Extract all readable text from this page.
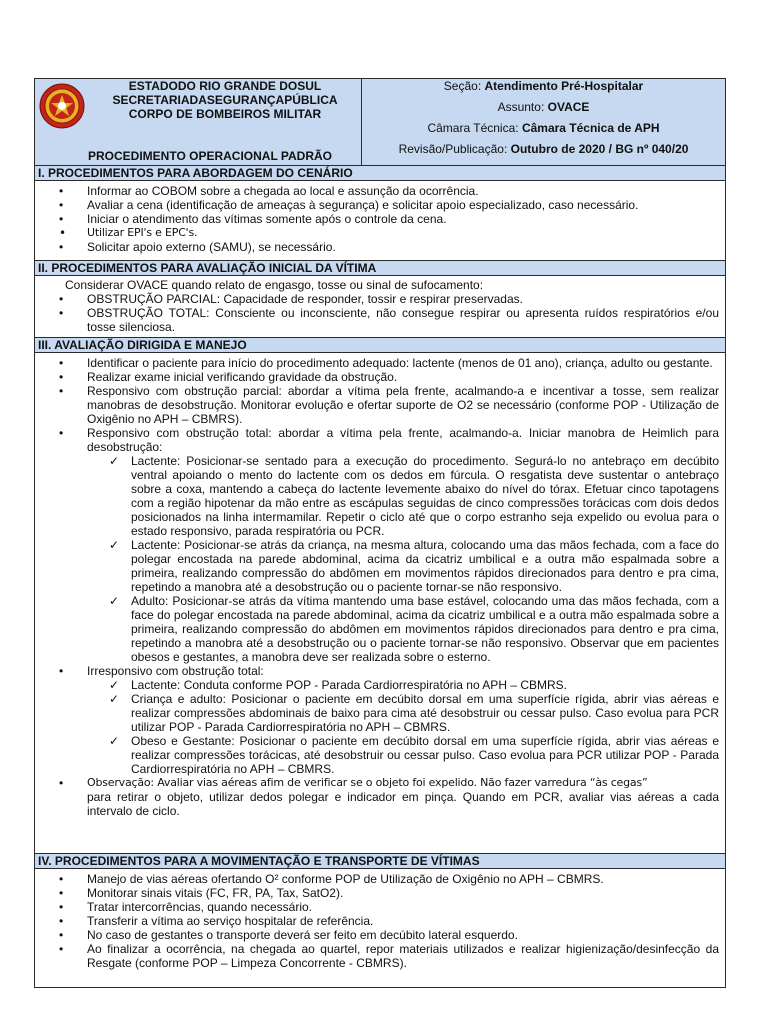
ESTADODO RIO GRANDE DOSUL
SECRETARIADASEGURANÇAPÚBLICA
CORPO DE BOMBEIROS MILITAR
PROCEDIMENTO OPERACIONAL PADRÃO
Seção: Atendimento Pré-Hospitalar
Assunto: OVACE
Câmara Técnica: Câmara Técnica de APH
Revisão/Publicação: Outubro de 2020 / BG nº 040/20
I. PROCEDIMENTOS PARA ABORDAGEM DO CENÁRIO
• Informar ao COBOM sobre a chegada ao local e assunção da ocorrência.
• Avaliar a cena (identificação de ameaças à segurança) e solicitar apoio especializado, caso necessário.
• Iniciar o atendimento das vítimas somente após o controle da cena.
• Utilizar EPI's e EPC's.
• Solicitar apoio externo (SAMU), se necessário.
II. PROCEDIMENTOS PARA AVALIAÇÃO INICIAL DA VÍTIMA
Considerar OVACE quando relato de engasgo, tosse ou sinal de sufocamento:
• OBSTRUÇÃO PARCIAL: Capacidade de responder, tossir e respirar preservadas.
• OBSTRUÇÃO TOTAL: Consciente ou inconsciente, não consegue respirar ou apresenta ruídos respiratórios e/ou tosse silenciosa.
III. AVALIAÇÃO DIRIGIDA E MANEJO
• Identificar o paciente para início do procedimento adequado: lactente (menos de 01 ano), criança, adulto ou gestante.
• Realizar exame inicial verificando gravidade da obstrução.
• Responsivo com obstrução parcial: abordar a vítima pela frente, acalmando-a e incentivar a tosse, sem realizar manobras de desobstrução. Monitorar evolução e ofertar suporte de O2 se necessário (conforme POP - Utilização de Oxigênio no APH – CBMRS).
• Responsivo com obstrução total: abordar a vítima pela frente, acalmando-a. Iniciar manobra de Heimlich para desobstrução:
✓ Lactente: Posicionar-se sentado para a execução do procedimento. Segurá-lo no antebraço em decúbito ventral apoiando o mento do lactente com os dedos em fúrcula. O resgatista deve sustentar o antebraço sobre a coxa, mantendo a cabeça do lactente levemente abaixo do nível do tórax. Efetuar cinco tapotagens com a região hipotenar da mão entre as escápulas seguidas de cinco compressões torácicas com dois dedos posicionados na linha intermamilar. Repetir o ciclo até que o corpo estranho seja expelido ou evolua para o estado responsivo, parada respiratória ou PCR.
✓ Lactente: Posicionar-se atrás da criança, na mesma altura, colocando uma das mãos fechada, com a face do polegar encostada na parede abdominal, acima da cicatriz umbilical e a outra mão espalmada sobre a primeira, realizando compressão do abdômen em movimentos rápidos direcionados para dentro e pra cima, repetindo a manobra até a desobstrução ou o paciente tornar-se não responsivo.
✓ Adulto: Posicionar-se atrás da vítima mantendo uma base estável, colocando uma das mãos fechada, com a face do polegar encostada na parede abdominal, acima da cicatriz umbilical e a outra mão espalmada sobre a primeira, realizando compressão do abdômen em movimentos rápidos direcionados para dentro e pra cima, repetindo a manobra até a desobstrução ou o paciente tornar-se não responsivo. Observar que em pacientes obesos e gestantes, a manobra deve ser realizada sobre o esterno.
• Irresponsivo com obstrução total:
✓ Lactente: Conduta conforme POP - Parada Cardiorrespiratória no APH – CBMRS.
✓ Criança e adulto: Posicionar o paciente em decúbito dorsal em uma superfície rígida, abrir vias aéreas e realizar compressões abdominais de baixo para cima até desobstruir ou cessar pulso. Caso evolua para PCR utilizar POP - Parada Cardiorrespiratória no APH – CBMRS.
✓ Obeso e Gestante: Posicionar o paciente em decúbito dorsal em uma superfície rígida, abrir vias aéreas e realizar compressões torácicas, até desobstruir ou cessar pulso. Caso evolua para PCR utilizar POP - Parada Cardiorrespiratória no APH – CBMRS.
• Observação: Avaliar vias aéreas afim de verificar se o objeto foi expelido. Não fazer varredura “às cegas”
para retirar o objeto, utilizar dedos polegar e indicador em pinça. Quando em PCR, avaliar vias aéreas a cada intervalo de ciclo.
IV. PROCEDIMENTOS PARA A MOVIMENTAÇÃO E TRANSPORTE DE VÍTIMAS
• Manejo de vias aéreas ofertando O² conforme POP de Utilização de Oxigênio no APH – CBMRS.
• Monitorar sinais vitais (FC, FR, PA, Tax, SatO2).
• Tratar intercorrências, quando necessário.
• Transferir a vítima ao serviço hospitalar de referência.
• No caso de gestantes o transporte deverá ser feito em decúbito lateral esquerdo.
• Ao finalizar a ocorrência, na chegada ao quartel, repor materiais utilizados e realizar higienização/desinfecção da Resgate (conforme POP – Limpeza Concorrente - CBMRS).
